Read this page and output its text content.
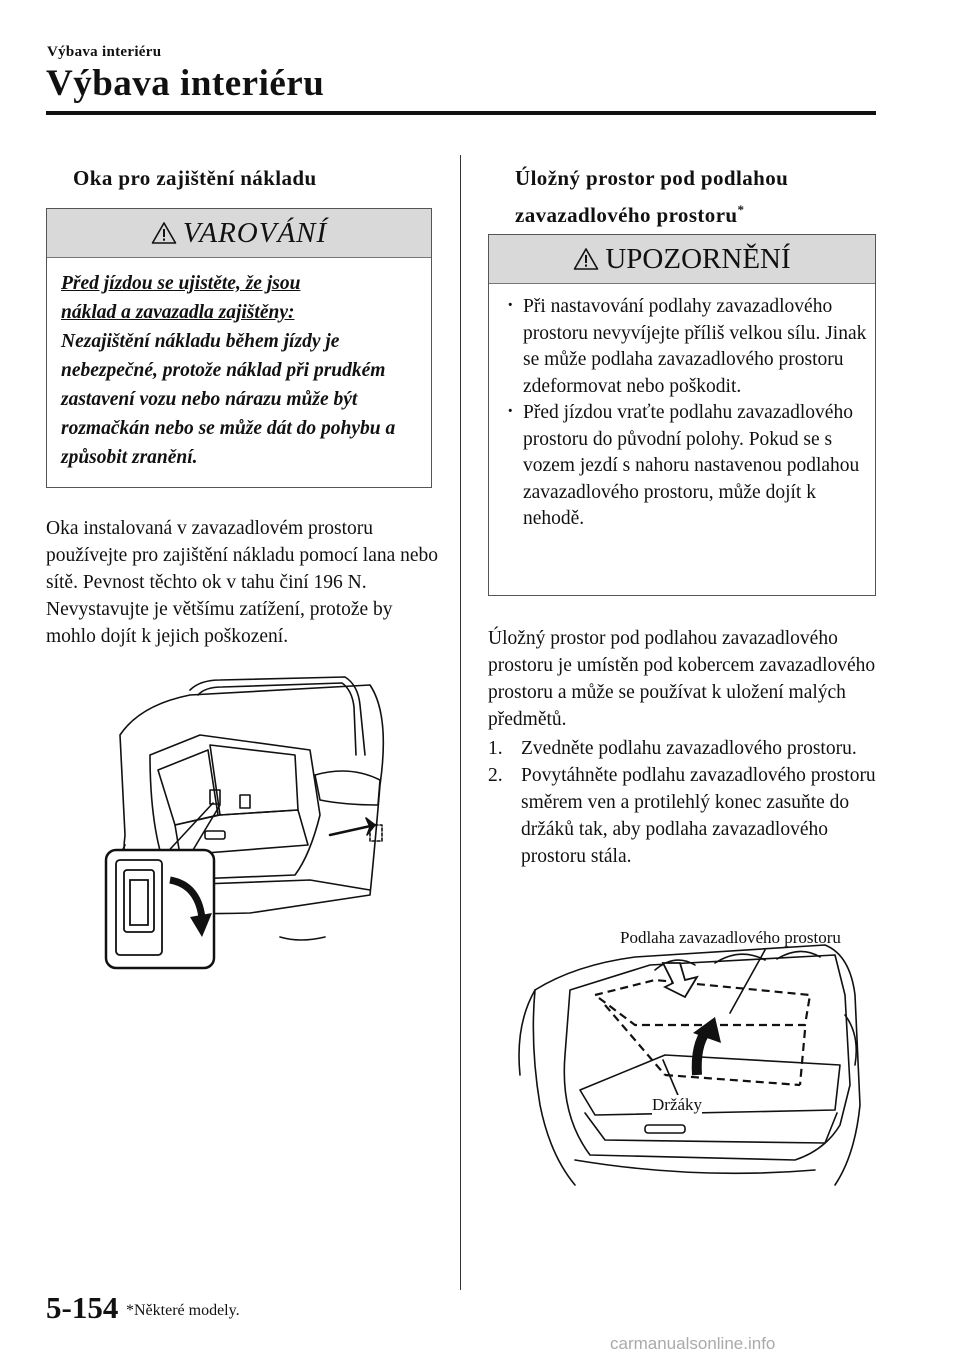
Výbava interiéru
Výbava interiéru
Oka pro zajištění nákladu
VAROVÁNÍ
Před jízdou se ujistěte, že jsou
náklad a zavazadla zajištěny:
Nezajištění nákladu během jízdy je nebezpečné, protože náklad při prudkém zastavení vozu nebo nárazu může být rozmačkán nebo se může dát do pohybu a způsobit zranění.
Oka instalovaná v zavazadlovém prostoru používejte pro zajištění nákladu pomocí lana nebo sítě. Pevnost těchto ok v tahu činí 196 N. Nevystavujte je většímu zatížení, protože by mohlo dojít k jejich poškození.
Úložný prostor pod podlahou zavazadlového prostoru*
UPOZORNĚNÍ
· Při nastavování podlahy zavazadlového prostoru nevyvíjejte příliš velkou sílu. Jinak se může podlaha zavazadlového prostoru zdeformovat nebo poškodit.
· Před jízdou vraťte podlahu zavazadlového prostoru do původní polohy. Pokud se s vozem jezdí s nahoru nastavenou podlahou zavazadlového prostoru, může dojít k nehodě.
Úložný prostor pod podlahou zavazadlového prostoru je umístěn pod kobercem zavazadlového prostoru a může se používat k uložení malých předmětů.
1. Zvedněte podlahu zavazadlového prostoru.
2. Povytáhněte podlahu zavazadlového prostoru směrem ven a protilehlý konec zasuňte do držáků tak, aby podlaha zavazadlového prostoru stála.
Podlaha zavazadlového prostoru
Držáky
5-154 *Některé modely.
carmanualsonline.info
